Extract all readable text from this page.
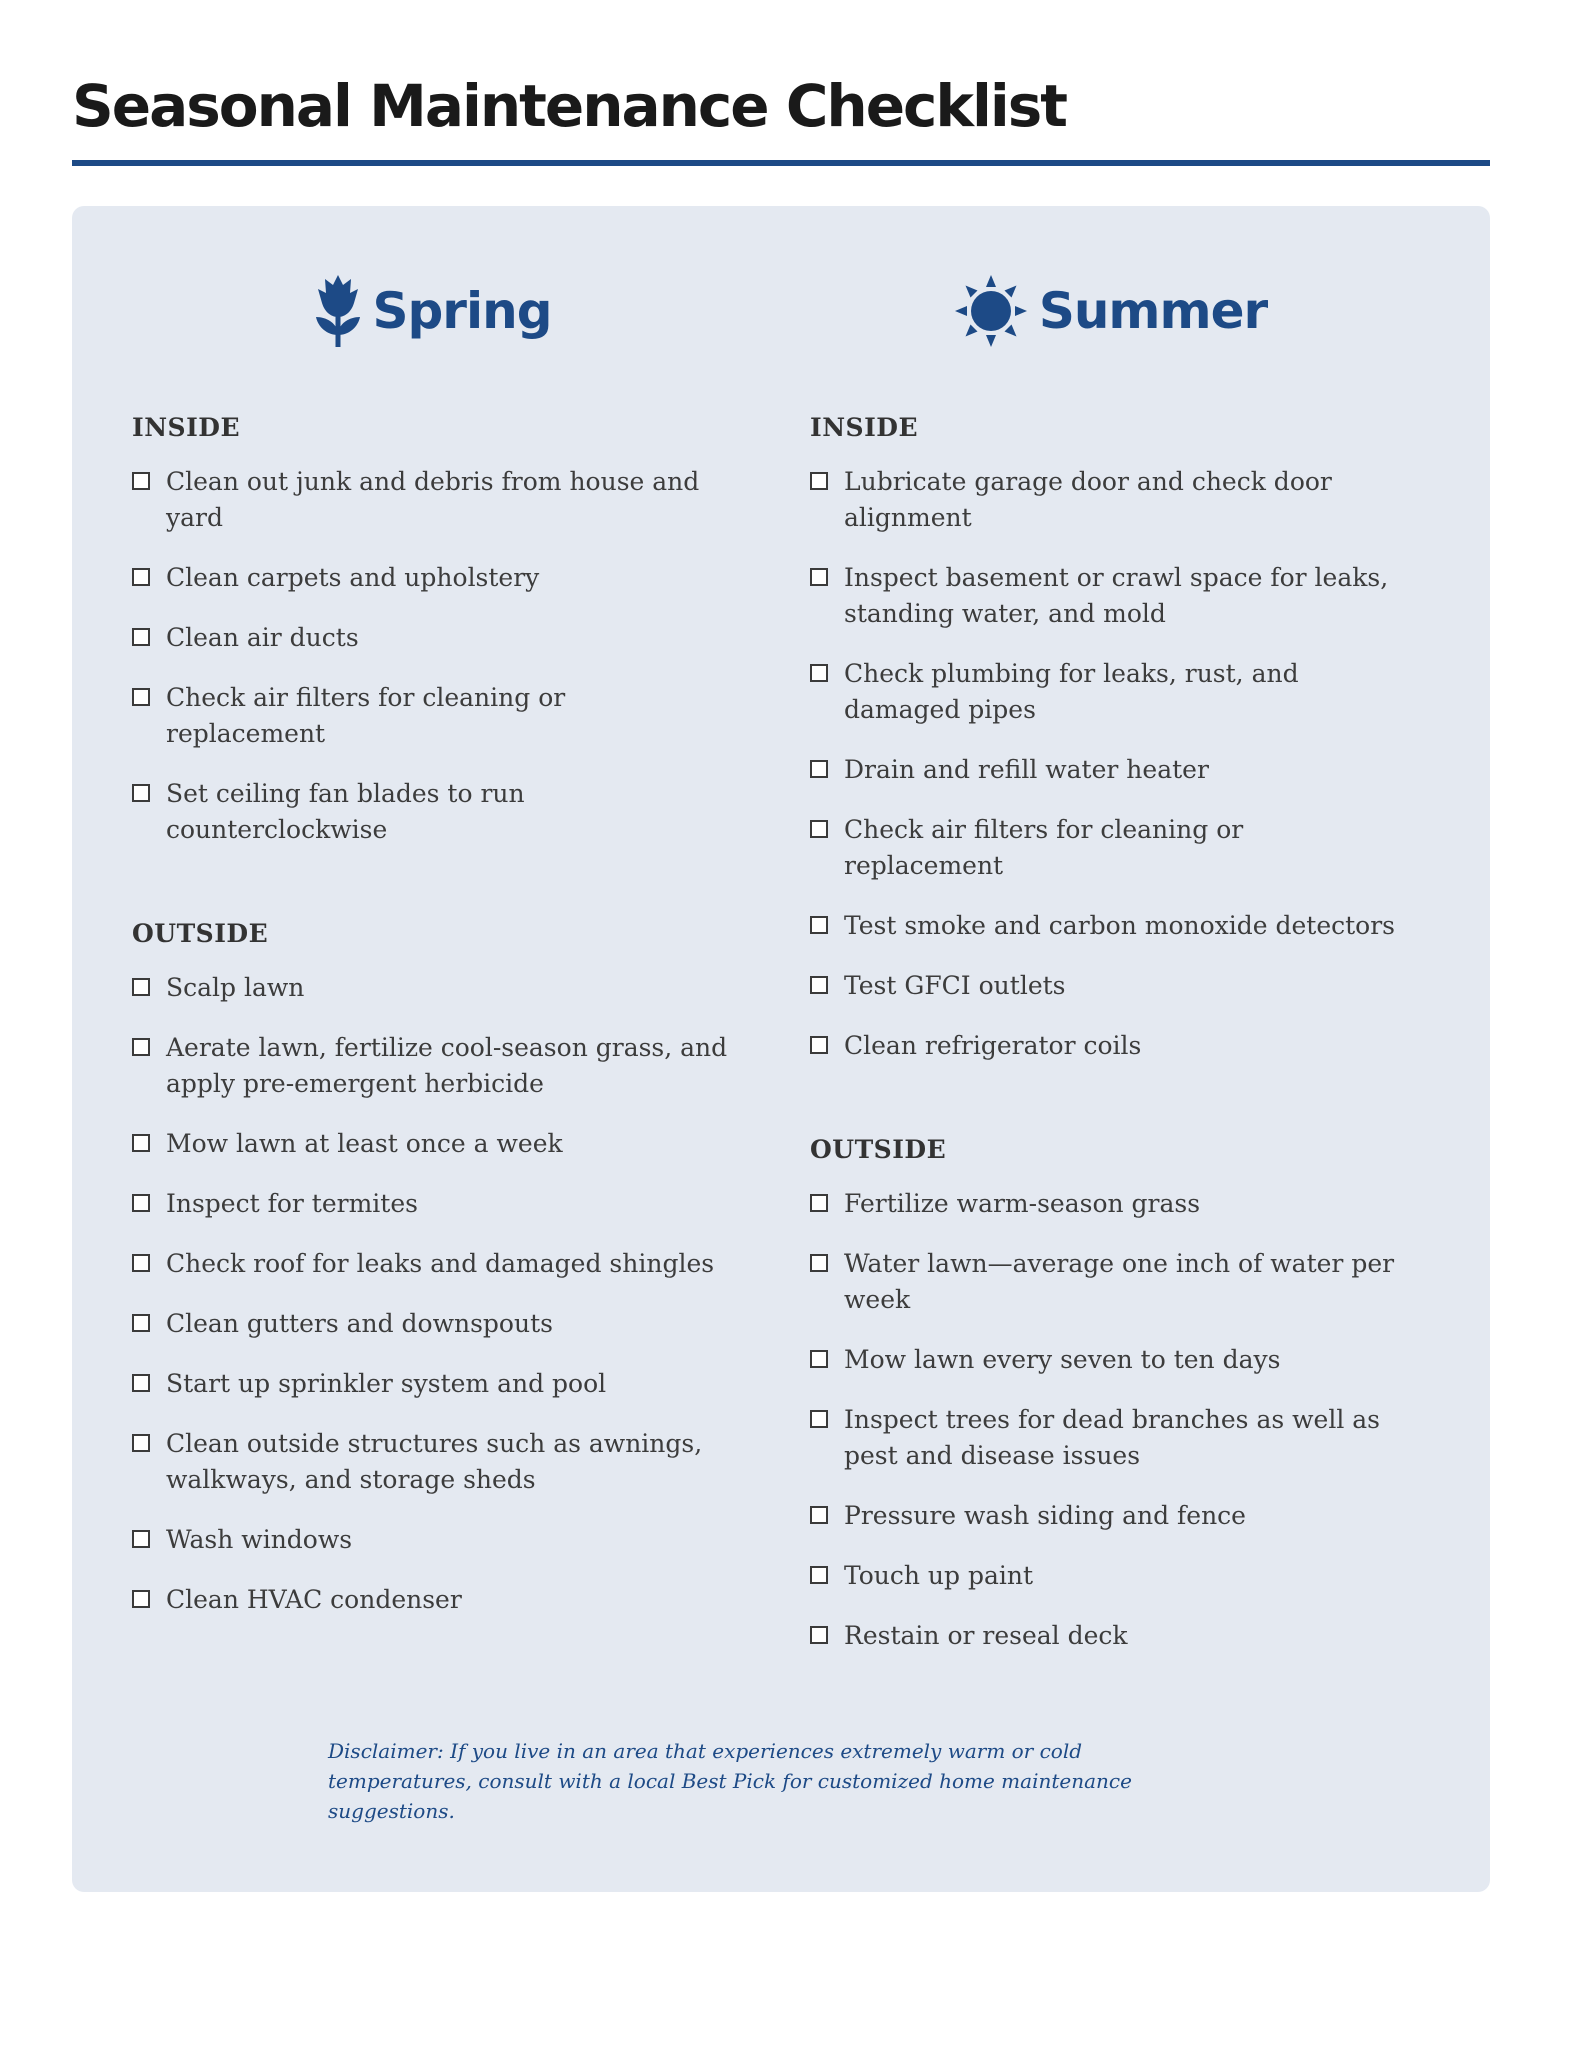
Seasonal Maintenance Checklist
Spring
INSIDE
Clean out junk and debris from house and yard
Clean carpets and upholstery
Clean air ducts
Check air filters for cleaning or replacement
Set ceiling fan blades to run counterclockwise
OUTSIDE
Scalp lawn
Aerate lawn, fertilize cool-season grass, and apply pre-emergent herbicide
Mow lawn at least once a week
Inspect for termites
Check roof for leaks and damaged shingles
Clean gutters and downspouts
Start up sprinkler system and pool
Clean outside structures such as awnings, walkways, and storage sheds
Wash windows
Clean HVAC condenser
Summer
INSIDE
Lubricate garage door and check door alignment
Inspect basement or crawl space for leaks, standing water, and mold
Check plumbing for leaks, rust, and damaged pipes
Drain and refill water heater
Check air filters for cleaning or replacement
Test smoke and carbon monoxide detectors
Test GFCI outlets
Clean refrigerator coils
OUTSIDE
Fertilize warm-season grass
Water lawn—average one inch of water per week
Mow lawn every seven to ten days
Inspect trees for dead branches as well as pest and disease issues
Pressure wash siding and fence
Touch up paint
Restain or reseal deck

Disclaimer: If you live in an area that experiences extremely warm or cold temperatures, consult with a local Best Pick for customized home maintenance suggestions.
